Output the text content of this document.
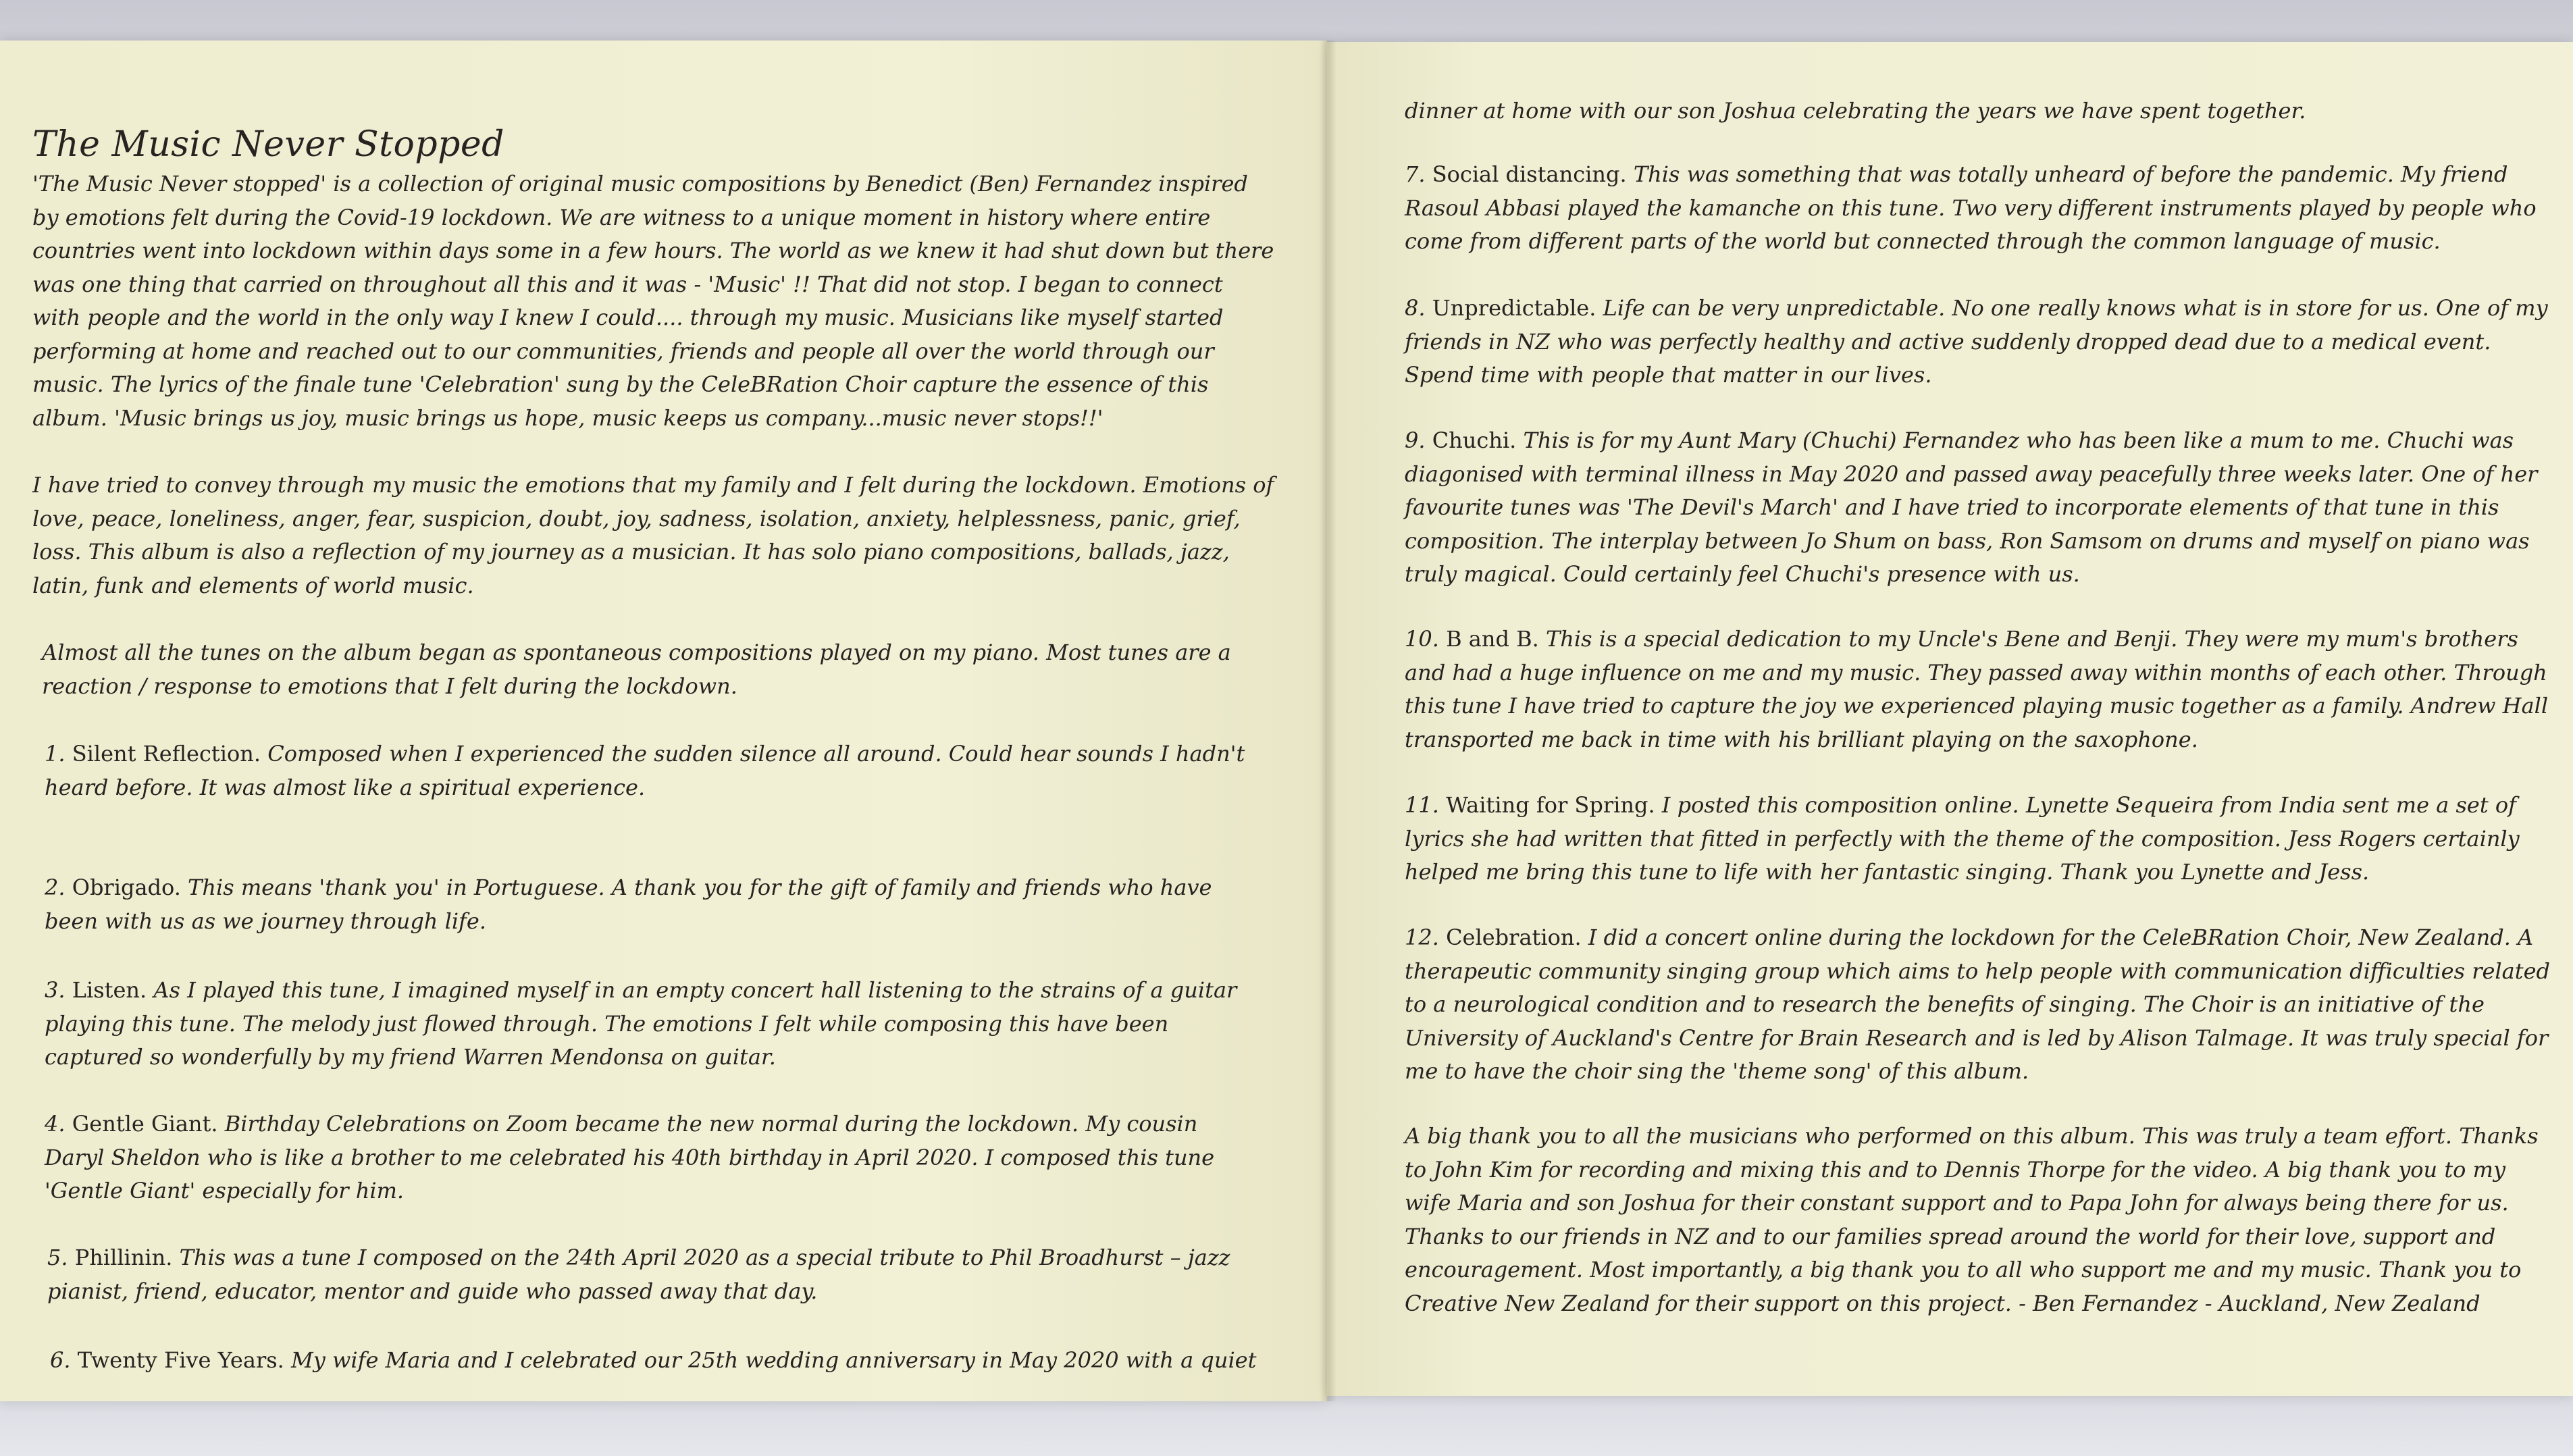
The Music Never Stopped

'The Music Never stopped' is a collection of original music compositions by Benedict (Ben) Fernandez inspired by emotions felt during the Covid-19 lockdown. We are witness to a unique moment in history where entire countries went into lockdown within days some in a few hours. The world as we knew it had shut down but there was one thing that carried on throughout all this and it was - 'Music' !! That did not stop. I began to connect with people and the world in the only way I knew I could.... through my music. Musicians like myself started performing at home and reached out to our communities, friends and people all over the world through our music. The lyrics of the finale tune 'Celebration' sung by the CeleBRation Choir capture the essence of this album. 'Music brings us joy, music brings us hope, music keeps us company...music never stops!!'

I have tried to convey through my music the emotions that my family and I felt during the lockdown. Emotions of love, peace, loneliness, anger, fear, suspicion, doubt, joy, sadness, isolation, anxiety, helplessness, panic, grief, loss. This album is also a reflection of my journey as a musician. It has solo piano compositions, ballads, jazz, latin, funk and elements of world music.

Almost all the tunes on the album began as spontaneous compositions played on my piano. Most tunes are a reaction / response to emotions that I felt during the lockdown.

1. Silent Reflection. Composed when I experienced the sudden silence all around. Could hear sounds I hadn't heard before. It was almost like a spiritual experience.

2. Obrigado. This means 'thank you' in Portuguese. A thank you for the gift of family and friends who have been with us as we journey through life.

3. Listen. As I played this tune, I imagined myself in an empty concert hall listening to the strains of a guitar playing this tune. The melody just flowed through. The emotions I felt while composing this have been captured so wonderfully by my friend Warren Mendonsa on guitar.

4. Gentle Giant. Birthday Celebrations on Zoom became the new normal during the lockdown. My cousin Daryl Sheldon who is like a brother to me celebrated his 40th birthday in April 2020. I composed this tune 'Gentle Giant' especially for him.

5. Phillinin. This was a tune I composed on the 24th April 2020 as a special tribute to Phil Broadhurst – jazz pianist, friend, educator, mentor and guide who passed away that day.

6. Twenty Five Years. My wife Maria and I celebrated our 25th wedding anniversary in May 2020 with a quiet

dinner at home with our son Joshua celebrating the years we have spent together.

7. Social distancing. This was something that was totally unheard of before the pandemic. My friend Rasoul Abbasi played the kamanche on this tune. Two very different instruments played by people who come from different parts of the world but connected through the common language of music.

8. Unpredictable. Life can be very unpredictable. No one really knows what is in store for us. One of my friends in NZ who was perfectly healthy and active suddenly dropped dead due to a medical event. Spend time with people that matter in our lives.

9. Chuchi. This is for my Aunt Mary (Chuchi) Fernandez who has been like a mum to me. Chuchi was diagonised with terminal illness in May 2020 and passed away peacefully three weeks later. One of her favourite tunes was 'The Devil's March' and I have tried to incorporate elements of that tune in this composition. The interplay between Jo Shum on bass, Ron Samsom on drums and myself on piano was truly magical. Could certainly feel Chuchi's presence with us.

10. B and B. This is a special dedication to my Uncle's Bene and Benji. They were my mum's brothers and had a huge influence on me and my music. They passed away within months of each other. Through this tune I have tried to capture the joy we experienced playing music together as a family. Andrew Hall transported me back in time with his brilliant playing on the saxophone.

11. Waiting for Spring. I posted this composition online. Lynette Sequeira from India sent me a set of lyrics she had written that fitted in perfectly with the theme of the composition. Jess Rogers certainly helped me bring this tune to life with her fantastic singing. Thank you Lynette and Jess.

12. Celebration. I did a concert online during the lockdown for the CeleBRation Choir, New Zealand. A therapeutic community singing group which aims to help people with communication difficulties related to a neurological condition and to research the benefits of singing. The Choir is an initiative of the University of Auckland's Centre for Brain Research and is led by Alison Talmage. It was truly special for me to have the choir sing the 'theme song' of this album.

A big thank you to all the musicians who performed on this album. This was truly a team effort. Thanks to John Kim for recording and mixing this and to Dennis Thorpe for the video. A big thank you to my wife Maria and son Joshua for their constant support and to Papa John for always being there for us. Thanks to our friends in NZ and to our families spread around the world for their love, support and encouragement. Most importantly, a big thank you to all who support me and my music. Thank you to Creative New Zealand for their support on this project. - Ben Fernandez - Auckland, New Zealand
